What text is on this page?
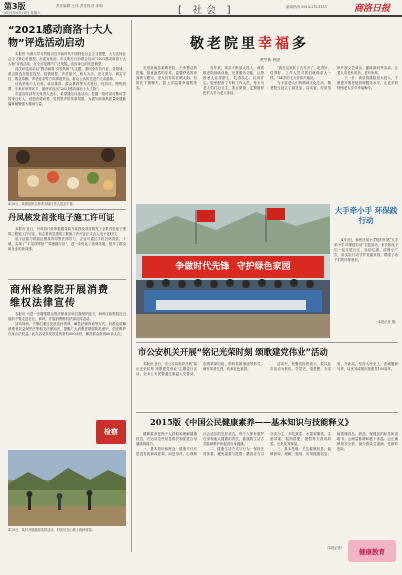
第3版
2021年4月10日 星期六
责任编辑 王伟 责任校对 李明	[ 社会 ]	新闻热线 0914-2313333	商洛日报
“2021感动商洛十大人物”评选活动启动

本报讯 为深入学习贯彻习近平新时代中国特色社会主义思想，大力弘扬社会主义核心价值观，市委宣传部、市文明办日前联合启动“2021感动商洛十大人物”评选活动，在全市范围内广泛发掘、宣传身边的先进典型。

此次评选活动以“感动商洛 引领风尚”为主题，面向全市各行业、各领域，重点推选在脱贫攻坚、疫情防控、乡村振兴、助人为乐、见义勇为、诚实守信、敬业奉献、孝老爱亲等方面事迹突出、群众公认的先进个人或群体。

评选采取个人自荐、单位推荐、群众推荐等方式进行，经初评、网络投票、专家评审等环节，最终评选出“2021感动商洛十大人物”。

市委宣传部有关负责人表示，希望通过评选活动，挖掘一批可亲可敬可学的身边好人，营造崇德向善、见贤思齐的浓厚氛围，为谱写商洛高质量发展新篇章凝聚强大精神力量。

4月8日，某镇组织志愿者为辖区老人送去午餐。
丹凤核发首张电子施工许可证

本报讯 近日，丹凤县行政审批服务局为某建设项目核发了全县首张电子建筑工程施工许可证，标志着该县建筑工程施工许可证正式迈入电子化时代。

电子证照与纸质证照具有同等法律效力，企业可通过手机扫码查看、下载，实现了“不见面审批”“零跑腿办证”，进一步优化了营商环境，提升了群众和企业的获得感。

商州检察院开展消费维权法律宣传

本报讯 为进一步增强群众的法律意识和自我保护能力，商州区检察院近日组织干警走进社区、商场，开展消费维权法律宣传活动。

活动现场，干警们通过发放宣传资料、解答法律咨询等方式，向群众讲解消费者权益保护法等相关法律知识，提醒广大消费者增强防范意识，依法维护自身合法权益。此次活动共发放宣传资料500余份，解答群众咨询80余人次。

检察
4月9日，某村开展植树造林活动，村民们在山坡上栽种树苗。
敬老院里幸福多
黄亨新 林茵

走进洛南县某敬老院，干净整洁的院落、绿意盎然的花草、温馨舒适的房间映入眼帘，老人们有的在晒太阳，有的在下棋聊天，脸上洋溢着幸福的笑容。

近年来，该县不断加大投入，改善敬老院基础设施，完善服务功能，让特困老人住得舒心、吃得放心、玩得开心。院里配备了专职工作人员，每天为老人们打扫卫生、洗衣做饭，定期组织医护人员为老人体检。

“我在这里住了五年多了，吃得好、住得好，工作人员对我们就像亲人一样。”84岁的王大爷高兴地说。

为丰富老人们的精神文化生活，敬老院还设立了阅览室、活动室，经常组织开展文艺演出、趣味游戏等活动，让老人们老有所乐、老有所养。

下一步，该县将继续加大投入，不断提升敬老院管理服务水平，让更多的特困老人安享幸福晚年。

争做时代先锋 守护绿色家园
大手牵小手 环保践行动
4月9日，商州区某小学组织开展“大手牵小手 环保践行动”主题活动，家长和孩子们一起走进社区，捡拾垃圾、清理小广告，用实际行动守护美丽家园，增强了孩子们的环保意识。
（本报记者 摄）
市公安机关开展“铭记光荣时刻 颂歌建党伟业”活动

本报讯 近日，市公安局组织开展“铭记光荣时刻 颂歌建党伟业”主题党日活动，全市公安民警通过重温入党誓词、参观革命旧址、聆听英雄事迹等形式，缅怀革命先烈，传承红色基因。

活动中，民警们纷纷表示，要以此次活动为契机，学党史、悟思想、办实事、开新局，坚持人民至上，忠诚履职尽责，以优异成绩庆祝建党100周年。

2015版《中国公民健康素养——基本知识与技能释义》

健康素养是指个人获取和理解健康信息，并运用这些信息维护和促进自身健康的能力。

一、基本知识和理念：健康不仅仅是没有疾病或虚弱，而是身体、心理和社会适应的完好状态。每个人都有维护自身和他人健康的责任，健康的生活方式能够维护和促进自身健康。

二、健康生活方式与行为：保持正常体重，避免超重与肥胖；膳食应当以谷类为主，多吃蔬菜、水果和薯类，注意荤素、粗细搭配；提倡每天食用奶类、豆类及其制品。

三、基本技能：关注健康信息，能够获取、理解、甄别、应用健康信息；能看懂食品、药品、保健品的标签和说明书；会测量脉搏和腋下体温；会正确使用安全套，减少感染艾滋病、性病的危险。

健康教育
（本报记者）
